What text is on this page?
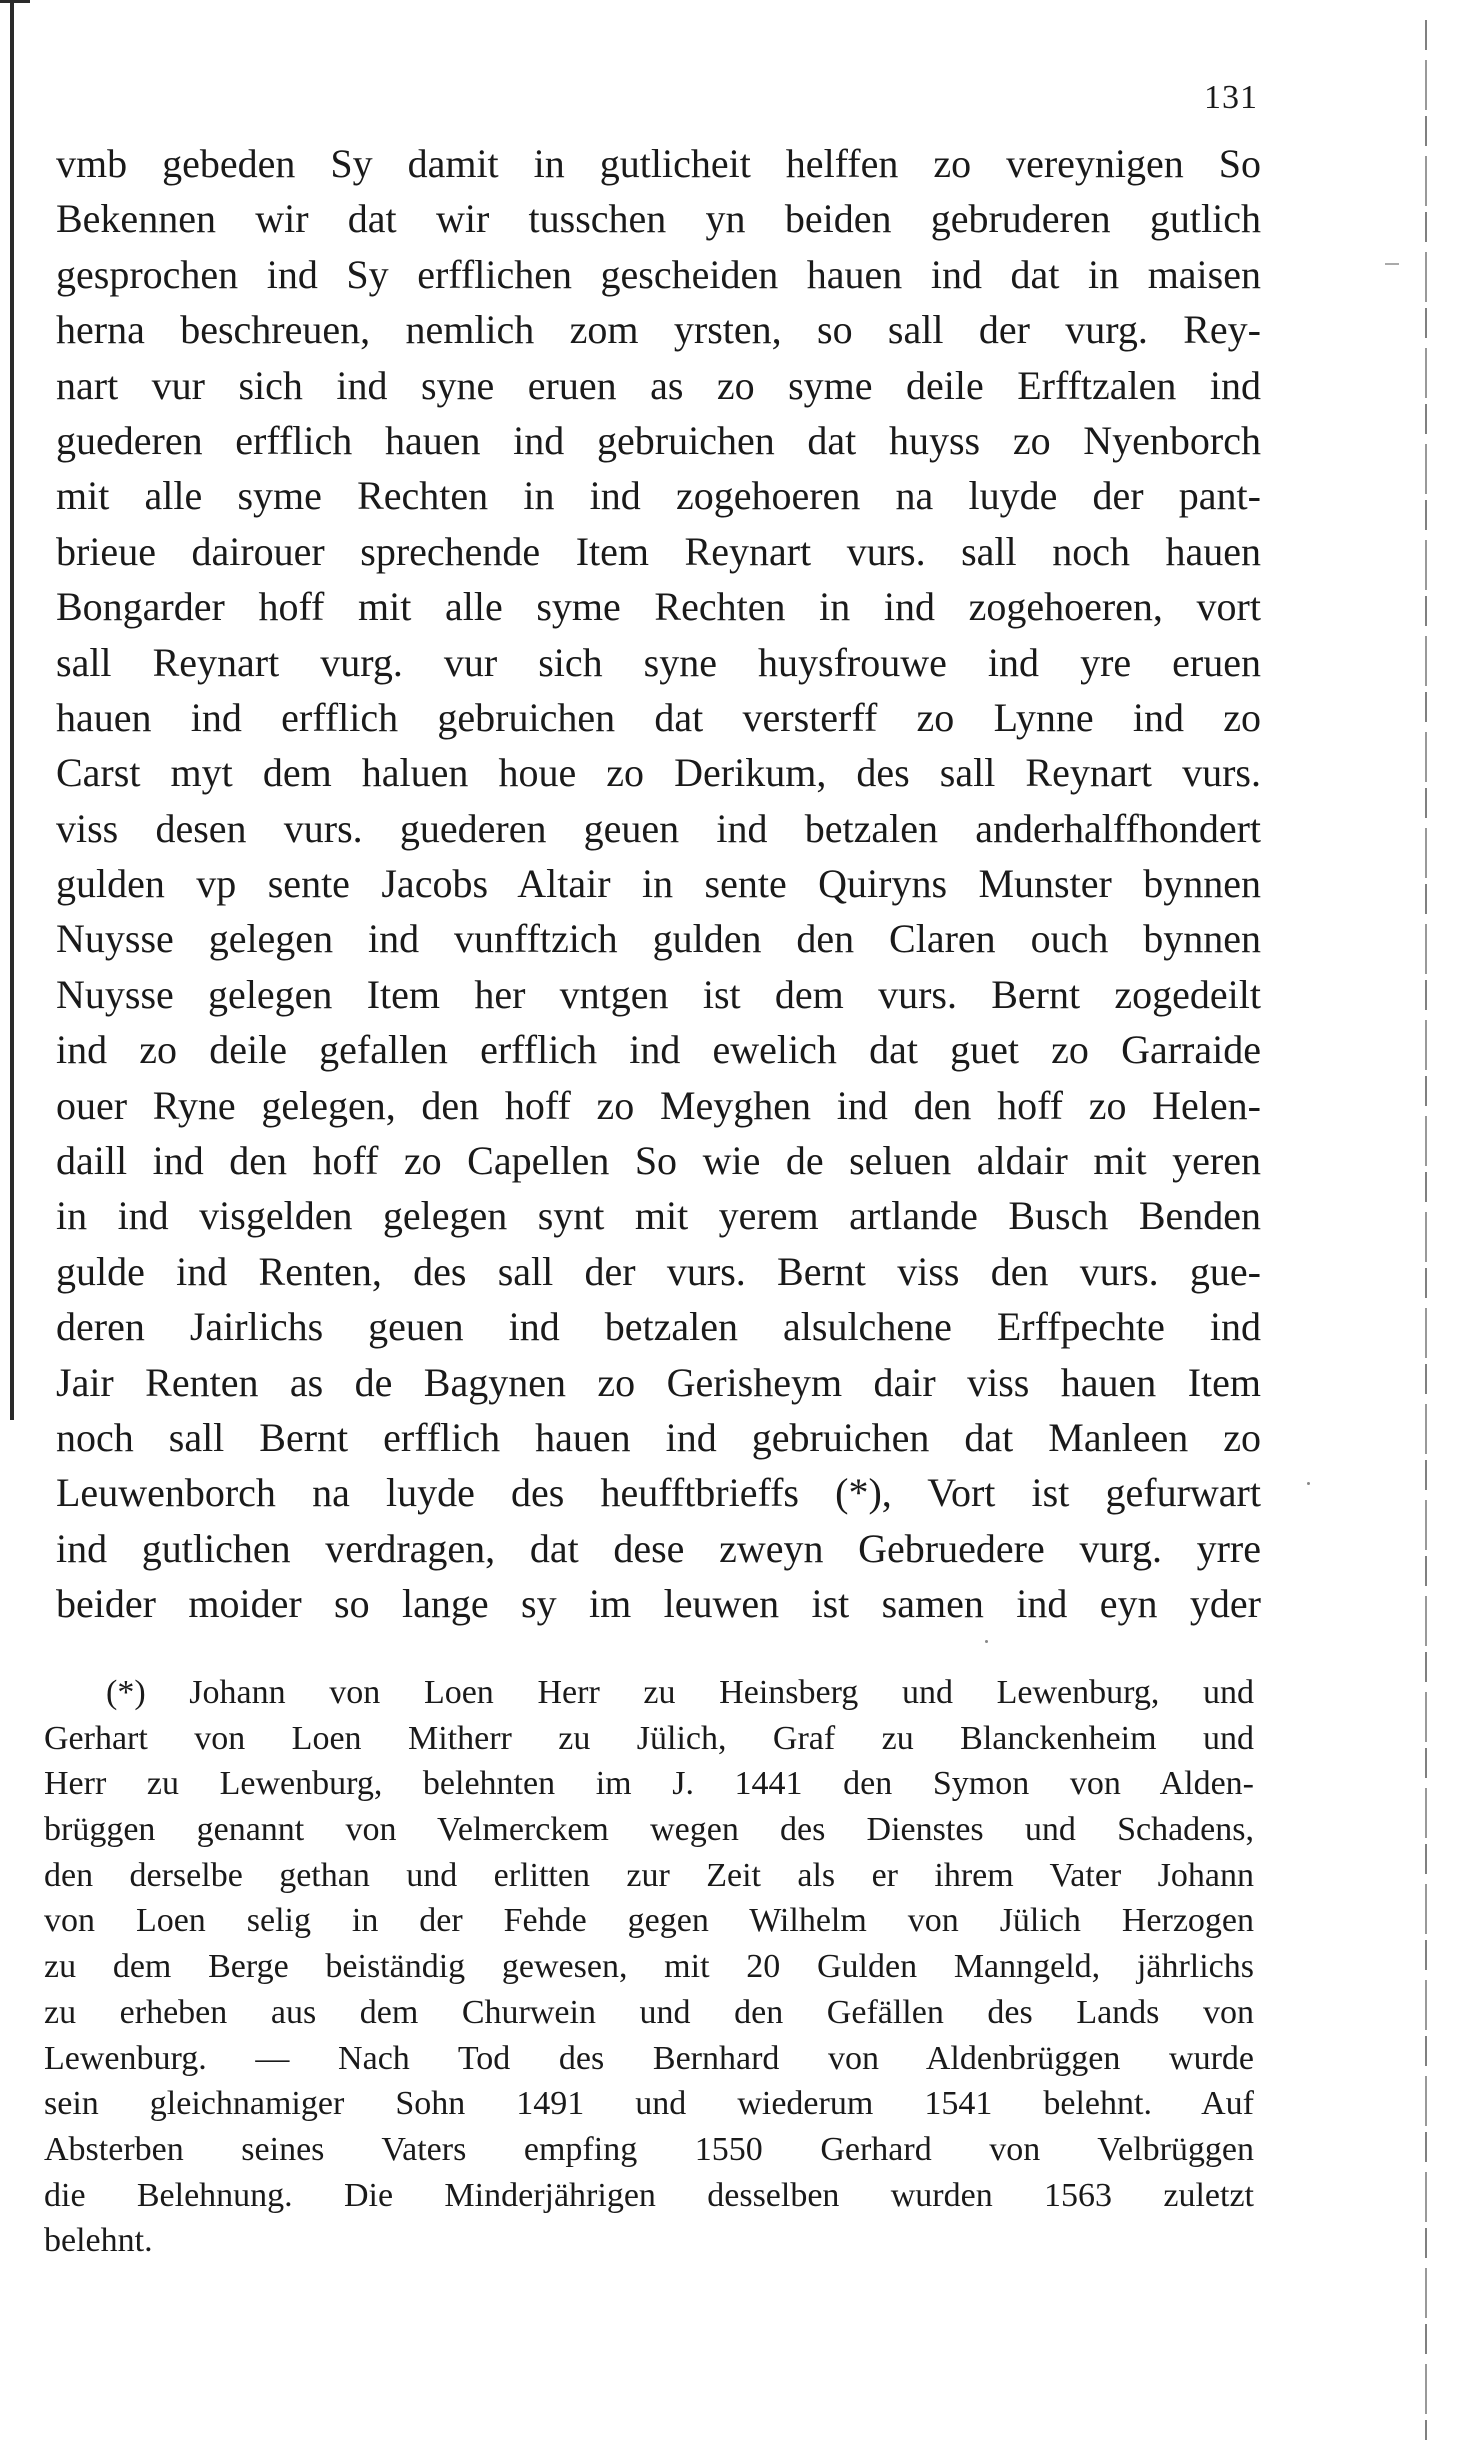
131
vmb gebeden Sy damit in gutlicheit helffen zo vereynigen So
Bekennen wir dat wir tusschen yn beiden gebruderen gutlich
gesprochen ind Sy erfflichen gescheiden hauen ind dat in maisen
herna beschreuen, nemlich zom yrsten, so sall der vurg. Rey-
nart vur sich ind syne eruen as zo syme deile Erfftzalen ind
guederen erfflich hauen ind gebruichen dat huyss zo Nyenborch
mit alle syme Rechten in ind zogehoeren na luyde der pant-
brieue dairouer sprechende Item Reynart vurs. sall noch hauen
Bongarder hoff mit alle syme Rechten in ind zogehoeren, vort
sall Reynart vurg. vur sich syne huysfrouwe ind yre eruen
hauen ind erfflich gebruichen dat versterff zo Lynne ind zo
Carst myt dem haluen houe zo Derikum, des sall Reynart vurs.
viss desen vurs. guederen geuen ind betzalen anderhalffhondert
gulden vp sente Jacobs Altair in sente Quiryns Munster bynnen
Nuysse gelegen ind vunfftzich gulden den Claren ouch bynnen
Nuysse gelegen Item her vntgen ist dem vurs. Bernt zogedeilt
ind zo deile gefallen erfflich ind ewelich dat guet zo Garraide
ouer Ryne gelegen, den hoff zo Meyghen ind den hoff zo Helen-
daill ind den hoff zo Capellen So wie de seluen aldair mit yeren
in ind visgelden gelegen synt mit yerem artlande Busch Benden
gulde ind Renten, des sall der vurs. Bernt viss den vurs. gue-
deren Jairlichs geuen ind betzalen alsulchene Erffpechte ind
Jair Renten as de Bagynen zo Gerisheym dair viss hauen Item
noch sall Bernt erfflich hauen ind gebruichen dat Manleen zo
Leuwenborch na luyde des heufftbrieffs (*), Vort ist gefurwart
ind gutlichen verdragen, dat dese zweyn Gebruedere vurg. yrre
beider moider so lange sy im leuwen ist samen ind eyn yder
(*) Johann von Loen Herr zu Heinsberg und Lewenburg, und
Gerhart von Loen Mitherr zu Jülich, Graf zu Blanckenheim und
Herr zu Lewenburg, belehnten im J. 1441 den Symon von Alden-
brüggen genannt von Velmerckem wegen des Dienstes und Schadens,
den derselbe gethan und erlitten zur Zeit als er ihrem Vater Johann
von Loen selig in der Fehde gegen Wilhelm von Jülich Herzogen
zu dem Berge beiständig gewesen, mit 20 Gulden Manngeld, jährlichs
zu erheben aus dem Churwein und den Gefällen des Lands von
Lewenburg. — Nach Tod des Bernhard von Aldenbrüggen wurde
sein gleichnamiger Sohn 1491 und wiederum 1541 belehnt. Auf
Absterben seines Vaters empfing 1550 Gerhard von Velbrüggen
die Belehnung. Die Minderjährigen desselben wurden 1563 zuletzt
belehnt.
